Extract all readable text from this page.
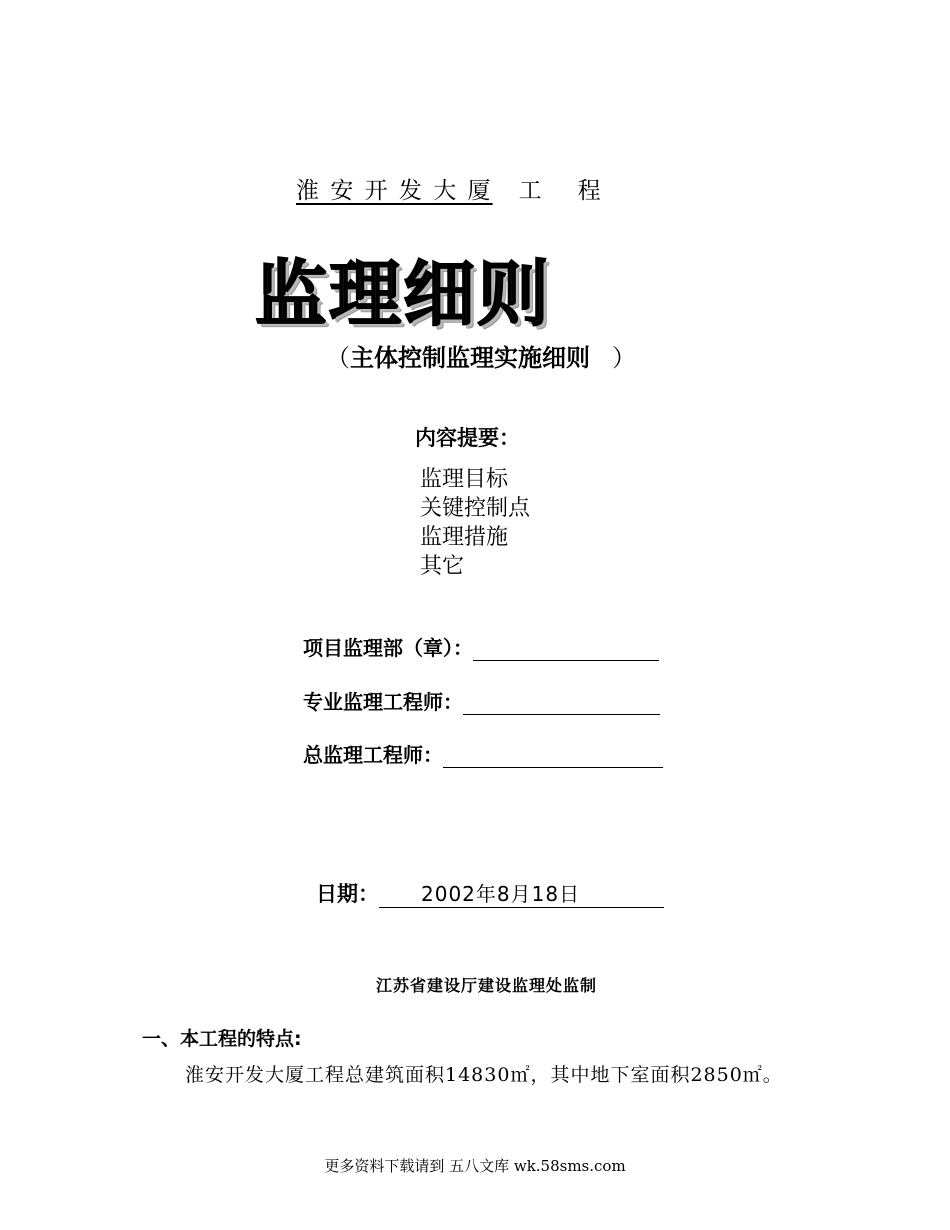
淮 安 开 发 大 厦 工 程
监理细则
（主体控制监理实施细则 ）
内容提要：
监理目标
关键控制点
监理措施
其它
项目监理部（章）：
专业监理工程师：
总监理工程师：
日期：	2002年8月18日
江苏省建设厅建设监理处监制
一、本工程的特点:
淮安开发大厦工程总建筑面积14830㎡，其中地下室面积2850㎡。
更多资料下载请到 五八文库 wk.58sms.com
